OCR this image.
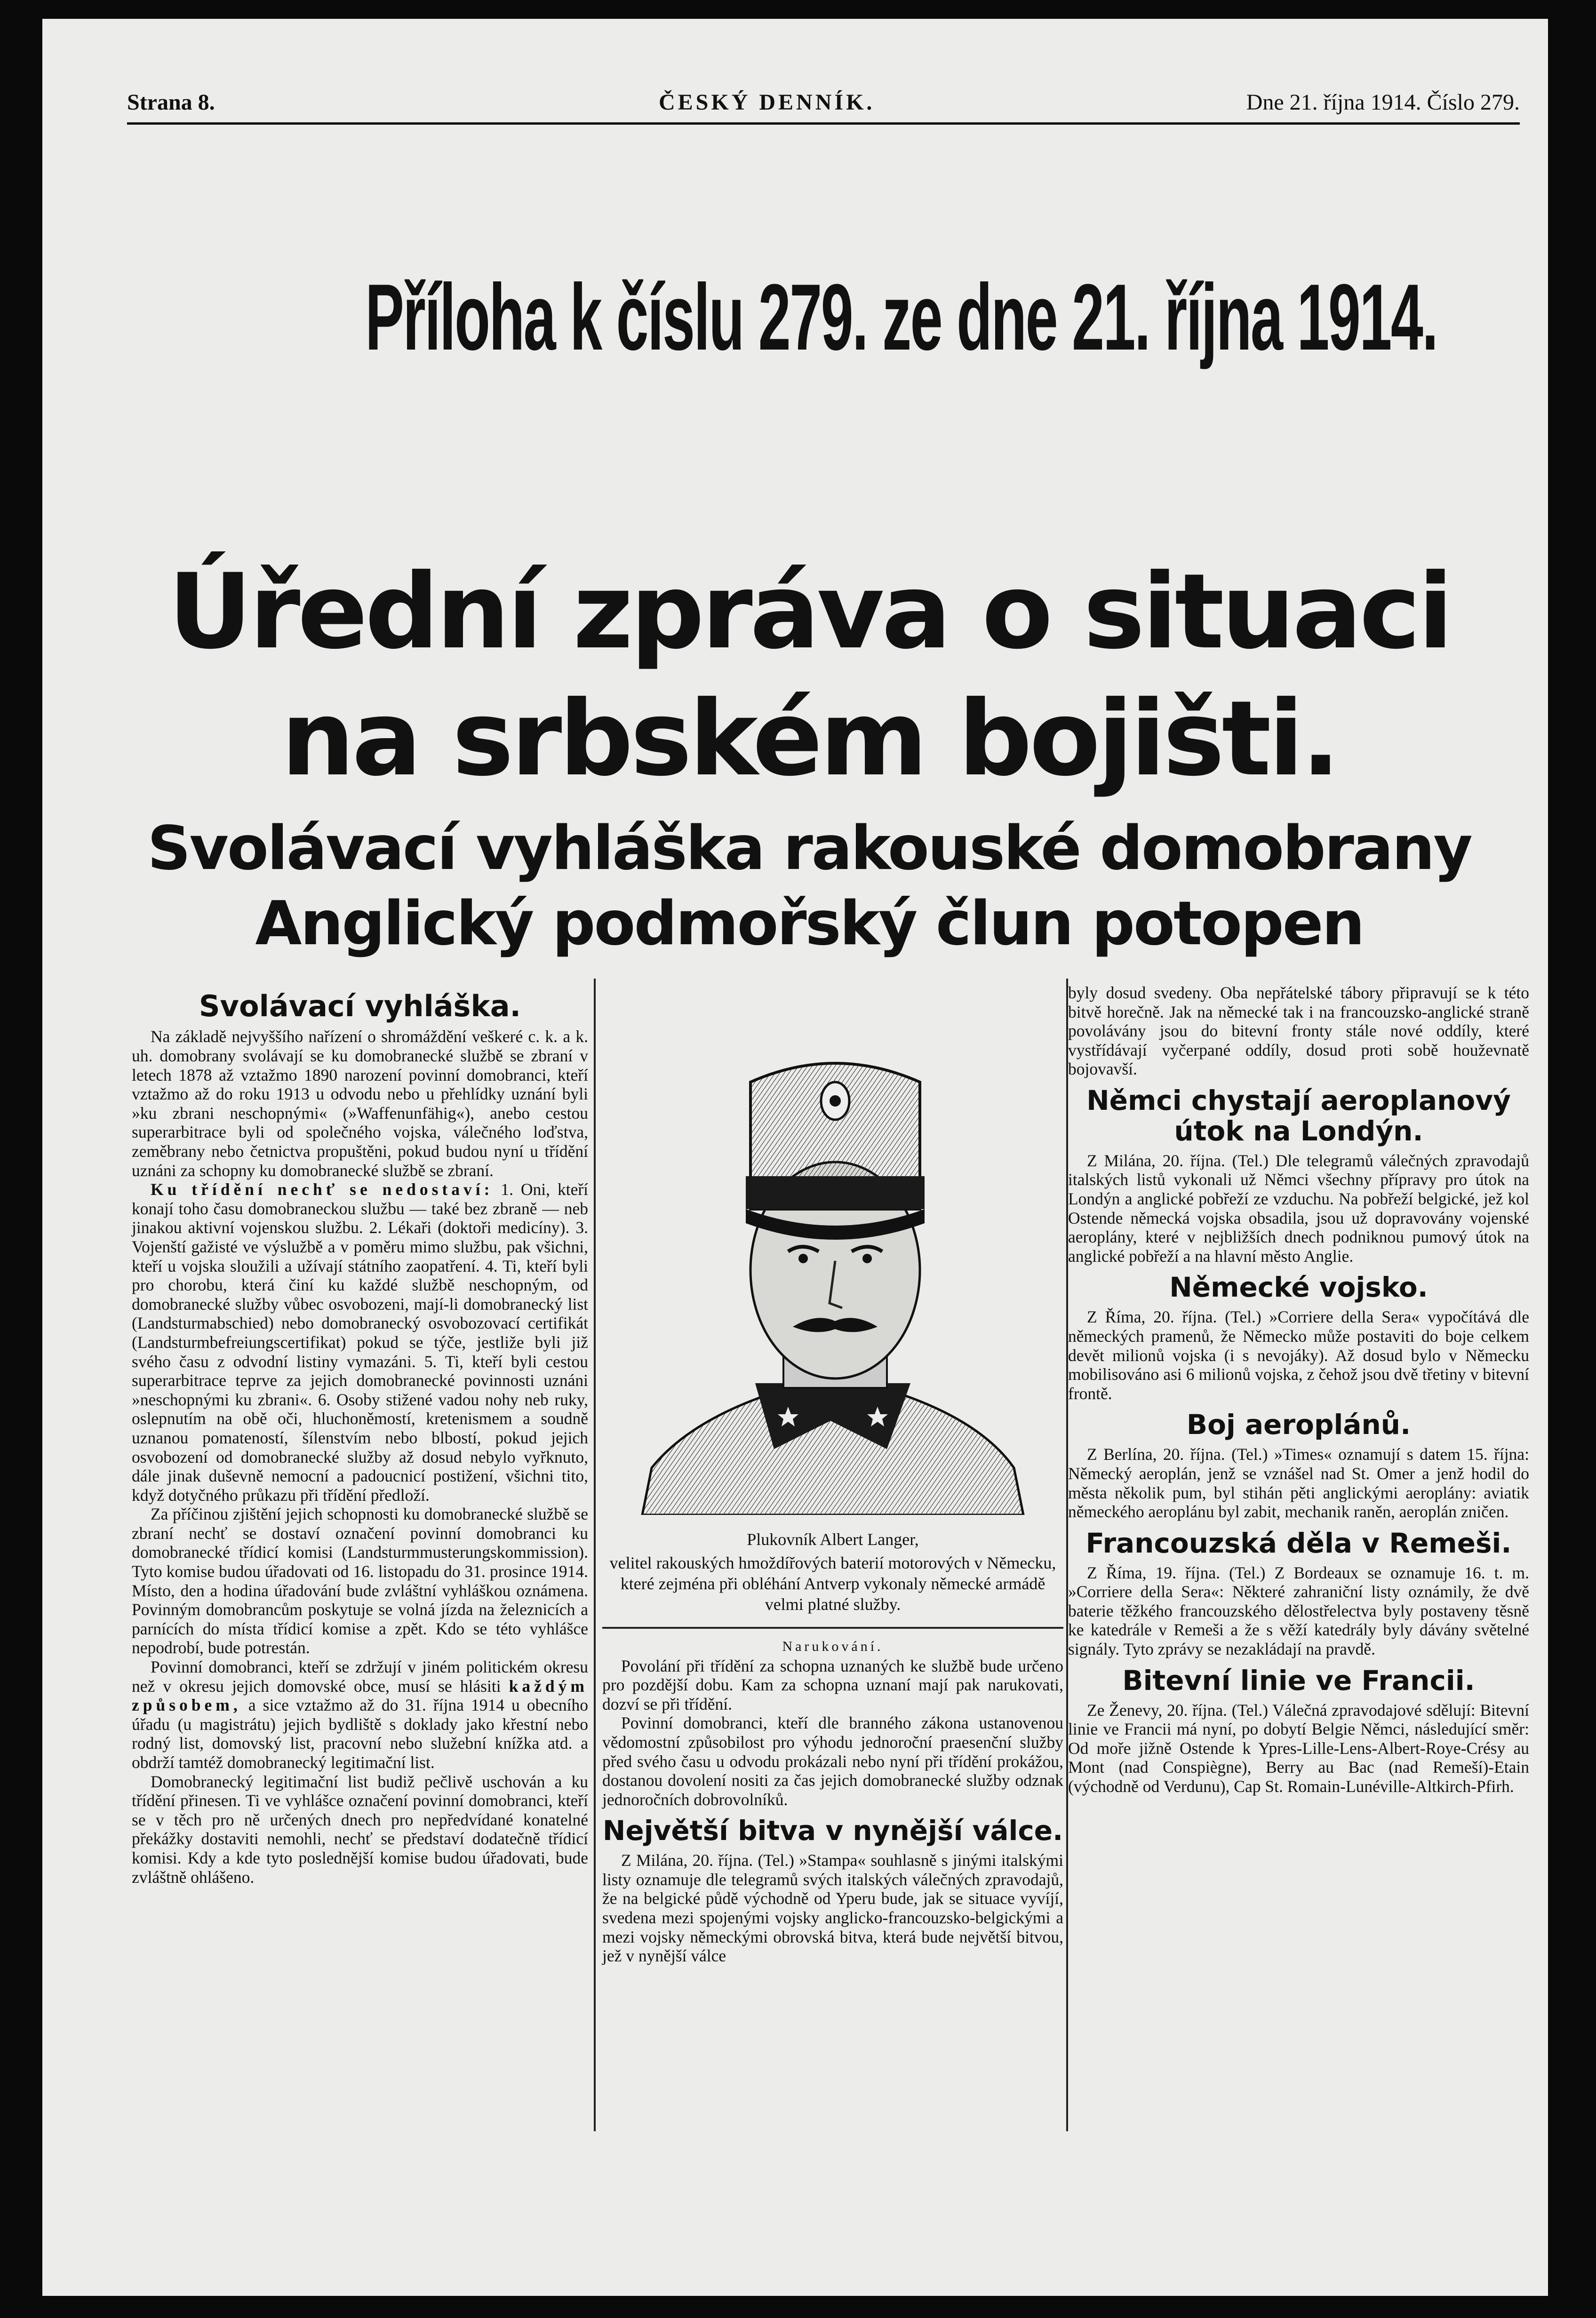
Strana 8.	ČESKÝ DENNÍK.	Dne 21. října 1914. Číslo 279.
Příloha k číslu 279. ze dne 21. října 1914.
Úřední zpráva o situaci
na srbském bojišti.
Svolávací vyhláška rakouské domobrany
Anglický podmořský člun potopen
Svolávací vyhláška.

Na základě nejvyššího nařízení o shromáždění veškeré c. k. a k. uh. domobrany svolávají se ku domobranecké službě se zbraní v letech 1878 až vztažmo 1890 narození povinní domobranci, kteří vztažmo až do roku 1913 u odvodu nebo u přehlídky uznání byli »ku zbrani neschopnými« (»Waffenunfähig«), anebo cestou superarbitrace byli od společného vojska, válečného loďstva, zeměbrany nebo četnictva propuštěni, pokud budou nyní u třídění uznáni za schopny ku domobranecké službě se zbraní.

Ku třídění nechť se nedostaví: 1. Oni, kteří konají toho času domobraneckou službu — také bez zbraně — neb jinakou aktivní vojenskou službu. 2. Lékaři (doktoři medicíny). 3. Vojenští gažisté ve výslužbě a v poměru mimo službu, pak všichni, kteří u vojska sloužili a užívají státního zaopatření. 4. Ti, kteří byli pro chorobu, která činí ku každé službě neschopným, od domobranecké služby vůbec osvobozeni, mají-li domobranecký list (Landsturmabschied) nebo domobranecký osvobozovací certifikát (Landsturmbefreiungscertifikat) pokud se týče, jestliže byli již svého času z odvodní listiny vymazáni. 5. Ti, kteří byli cestou superarbitrace teprve za jejich domobranecké povinnosti uznáni »neschopnými ku zbrani«. 6. Osoby stižené vadou nohy neb ruky, oslepnutím na obě oči, hluchoněmostí, kretenismem a soudně uznanou pomateností, šílenstvím nebo blbostí, pokud jejich osvobození od domobranecké služby až dosud nebylo vyřknuto, dále jinak duševně nemocní a padoucnicí postižení, všichni tito, když dotyčného průkazu při třídění předloží.

Za příčinou zjištění jejich schopnosti ku domobranecké službě se zbraní nechť se dostaví označení povinní domobranci ku domobranecké třídicí komisi (Landsturmmusterungskommission). Tyto komise budou úřadovati od 16. listopadu do 31. prosince 1914. Místo, den a hodina úřadování bude zvláštní vyhláškou oznámena. Povinným domobrancům poskytuje se volná jízda na železnicích a parnících do místa třídicí komise a zpět. Kdo se této vyhlášce nepodrobí, bude potrestán.

Povinní domobranci, kteří se zdržují v jiném politickém okresu než v okresu jejich domovské obce, musí se hlásiti každým způsobem, a sice vztažmo až do 31. října 1914 u obecního úřadu (u magistrátu) jejich bydliště s doklady jako křestní nebo rodný list, domovský list, pracovní nebo služební knížka atd. a obdrží tamtéž domobranecký legitimační list.

Domobranecký legitimační list budiž pečlivě uschován a ku třídění přinesen. Ti ve vyhlášce označení povinní domobranci, kteří se v těch pro ně určených dnech pro nepředvídané konatelné překážky dostaviti nemohli, nechť se představí dodatečně třídicí komisi. Kdy a kde tyto poslednější komise budou úřadovati, bude zvláštně ohlášeno.

Plukovník Albert Langer,
velitel rakouských hmoždířových baterií motorových v Německu, které zejména při obléhání Antverp vykonaly německé armádě velmi platné služby.
Narukování.

Povolání při třídění za schopna uznaných ke službě bude určeno pro pozdější dobu. Kam za schopna uznaní mají pak narukovati, dozví se při třídění.

Povinní domobranci, kteří dle branného zákona ustanovenou vědomostní způsobilost pro výhodu jednoroční praesenční služby před svého času u odvodu prokázali nebo nyní při třídění prokážou, dostanou dovolení nositi za čas jejich domobranecké služby odznak jednoročních dobrovolníků.

Největší bitva v nynější válce.

Z Milána, 20. října. (Tel.) »Stampa« souhlasně s jinými italskými listy oznamuje dle telegramů svých italských válečných zpravodajů, že na belgické půdě východně od Yperu bude, jak se situace vyvíjí, svedena mezi spojenými vojsky anglicko-francouzsko-belgickými a mezi vojsky německými obrovská bitva, která bude největší bitvou, jež v nynější válce

byly dosud svedeny. Oba nepřátelské tábory připravují se k této bitvě horečně. Jak na německé tak i na francouzsko-anglické straně povolávány jsou do bitevní fronty stále nové oddíly, které vystřídávají vyčerpané oddíly, dosud proti sobě houževnatě bojovavší.

Němci chystají aeroplanový útok na Londýn.

Z Milána, 20. října. (Tel.) Dle telegramů válečných zpravodajů italských listů vykonali už Němci všechny přípravy pro útok na Londýn a anglické pobřeží ze vzduchu. Na pobřeží belgické, jež kol Ostende německá vojska obsadila, jsou už dopravovány vojenské aeroplány, které v nejbližších dnech podniknou pumový útok na anglické pobřeží a na hlavní město Anglie.

Německé vojsko.

Z Říma, 20. října. (Tel.) »Corriere della Sera« vypočítává dle německých pramenů, že Německo může postaviti do boje celkem devět milionů vojska (i s nevojáky). Až dosud bylo v Německu mobilisováno asi 6 milionů vojska, z čehož jsou dvě třetiny v bitevní frontě.

Boj aeroplánů.

Z Berlína, 20. října. (Tel.) »Times« oznamují s datem 15. října: Německý aeroplán, jenž se vznášel nad St. Omer a jenž hodil do města několik pum, byl stihán pěti anglickými aeroplány: aviatik německého aeroplánu byl zabit, mechanik raněn, aeroplán zničen.

Francouzská děla v Remeši.

Z Říma, 19. října. (Tel.) Z Bordeaux se oznamuje 16. t. m. »Corriere della Sera«: Některé zahraniční listy oznámily, že dvě baterie těžkého francouzského dělostřelectva byly postaveny těsně ke katedrále v Remeši a že s věží katedrály byly dávány světelné signály. Tyto zprávy se nezakládají na pravdě.

Bitevní linie ve Francii.

Ze Ženevy, 20. října. (Tel.) Válečná zpravodajové sdělují: Bitevní linie ve Francii má nyní, po dobytí Belgie Němci, následující směr: Od moře jižně Ostende k Ypres-Lille-Lens-Albert-Roye-Crésy au Mont (nad Conspiègne), Berry au Bac (nad Remeší)-Etain (východně od Verdunu), Cap St. Romain-Lunéville-Altkirch-Pfirh.
